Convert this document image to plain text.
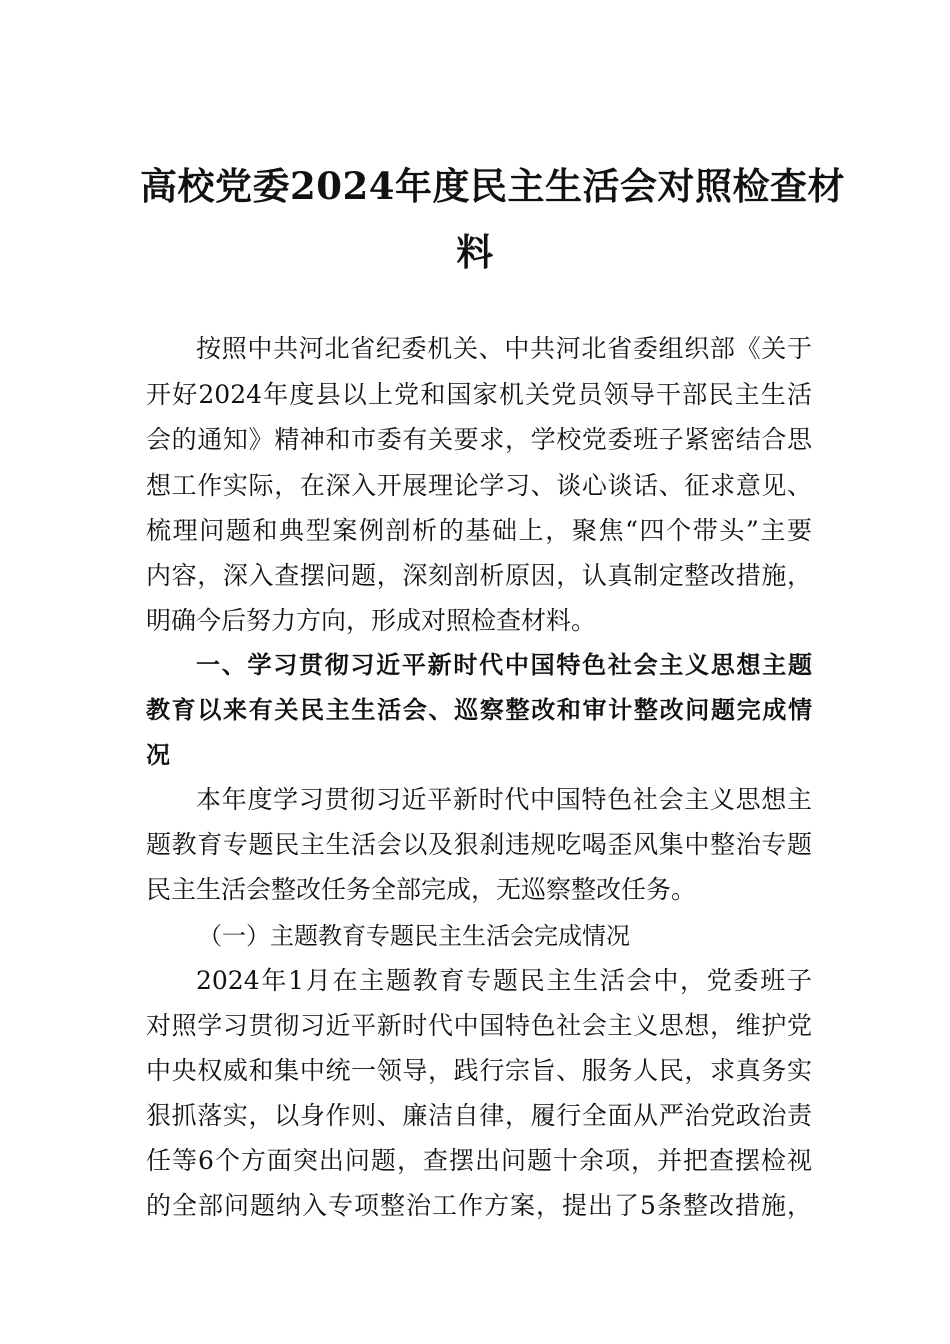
高校党委2024年度民主生活会对照检查材
料
按照中共河北省纪委机关、中共河北省委组织部《关于
开好2024年度县以上党和国家机关党员领导干部民主生活
会的通知》精神和市委有关要求，学校党委班子紧密结合思
想工作实际，在深入开展理论学习、谈心谈话、征求意见、
梳理问题和典型案例剖析的基础上，聚焦“四个带头”主要
内容，深入查摆问题，深刻剖析原因，认真制定整改措施，
明确今后努力方向，形成对照检查材料。
一、学习贯彻习近平新时代中国特色社会主义思想主题
教育以来有关民主生活会、巡察整改和审计整改问题完成情
况
本年度学习贯彻习近平新时代中国特色社会主义思想主
题教育专题民主生活会以及狠刹违规吃喝歪风集中整治专题
民主生活会整改任务全部完成，无巡察整改任务。
（一）主题教育专题民主生活会完成情况
2024年1月在主题教育专题民主生活会中，党委班子
对照学习贯彻习近平新时代中国特色社会主义思想，维护党
中央权威和集中统一领导，践行宗旨、服务人民，求真务实
狠抓落实，以身作则、廉洁自律，履行全面从严治党政治责
任等6个方面突出问题，查摆出问题十余项，并把查摆检视
的全部问题纳入专项整治工作方案，提出了5条整改措施，
